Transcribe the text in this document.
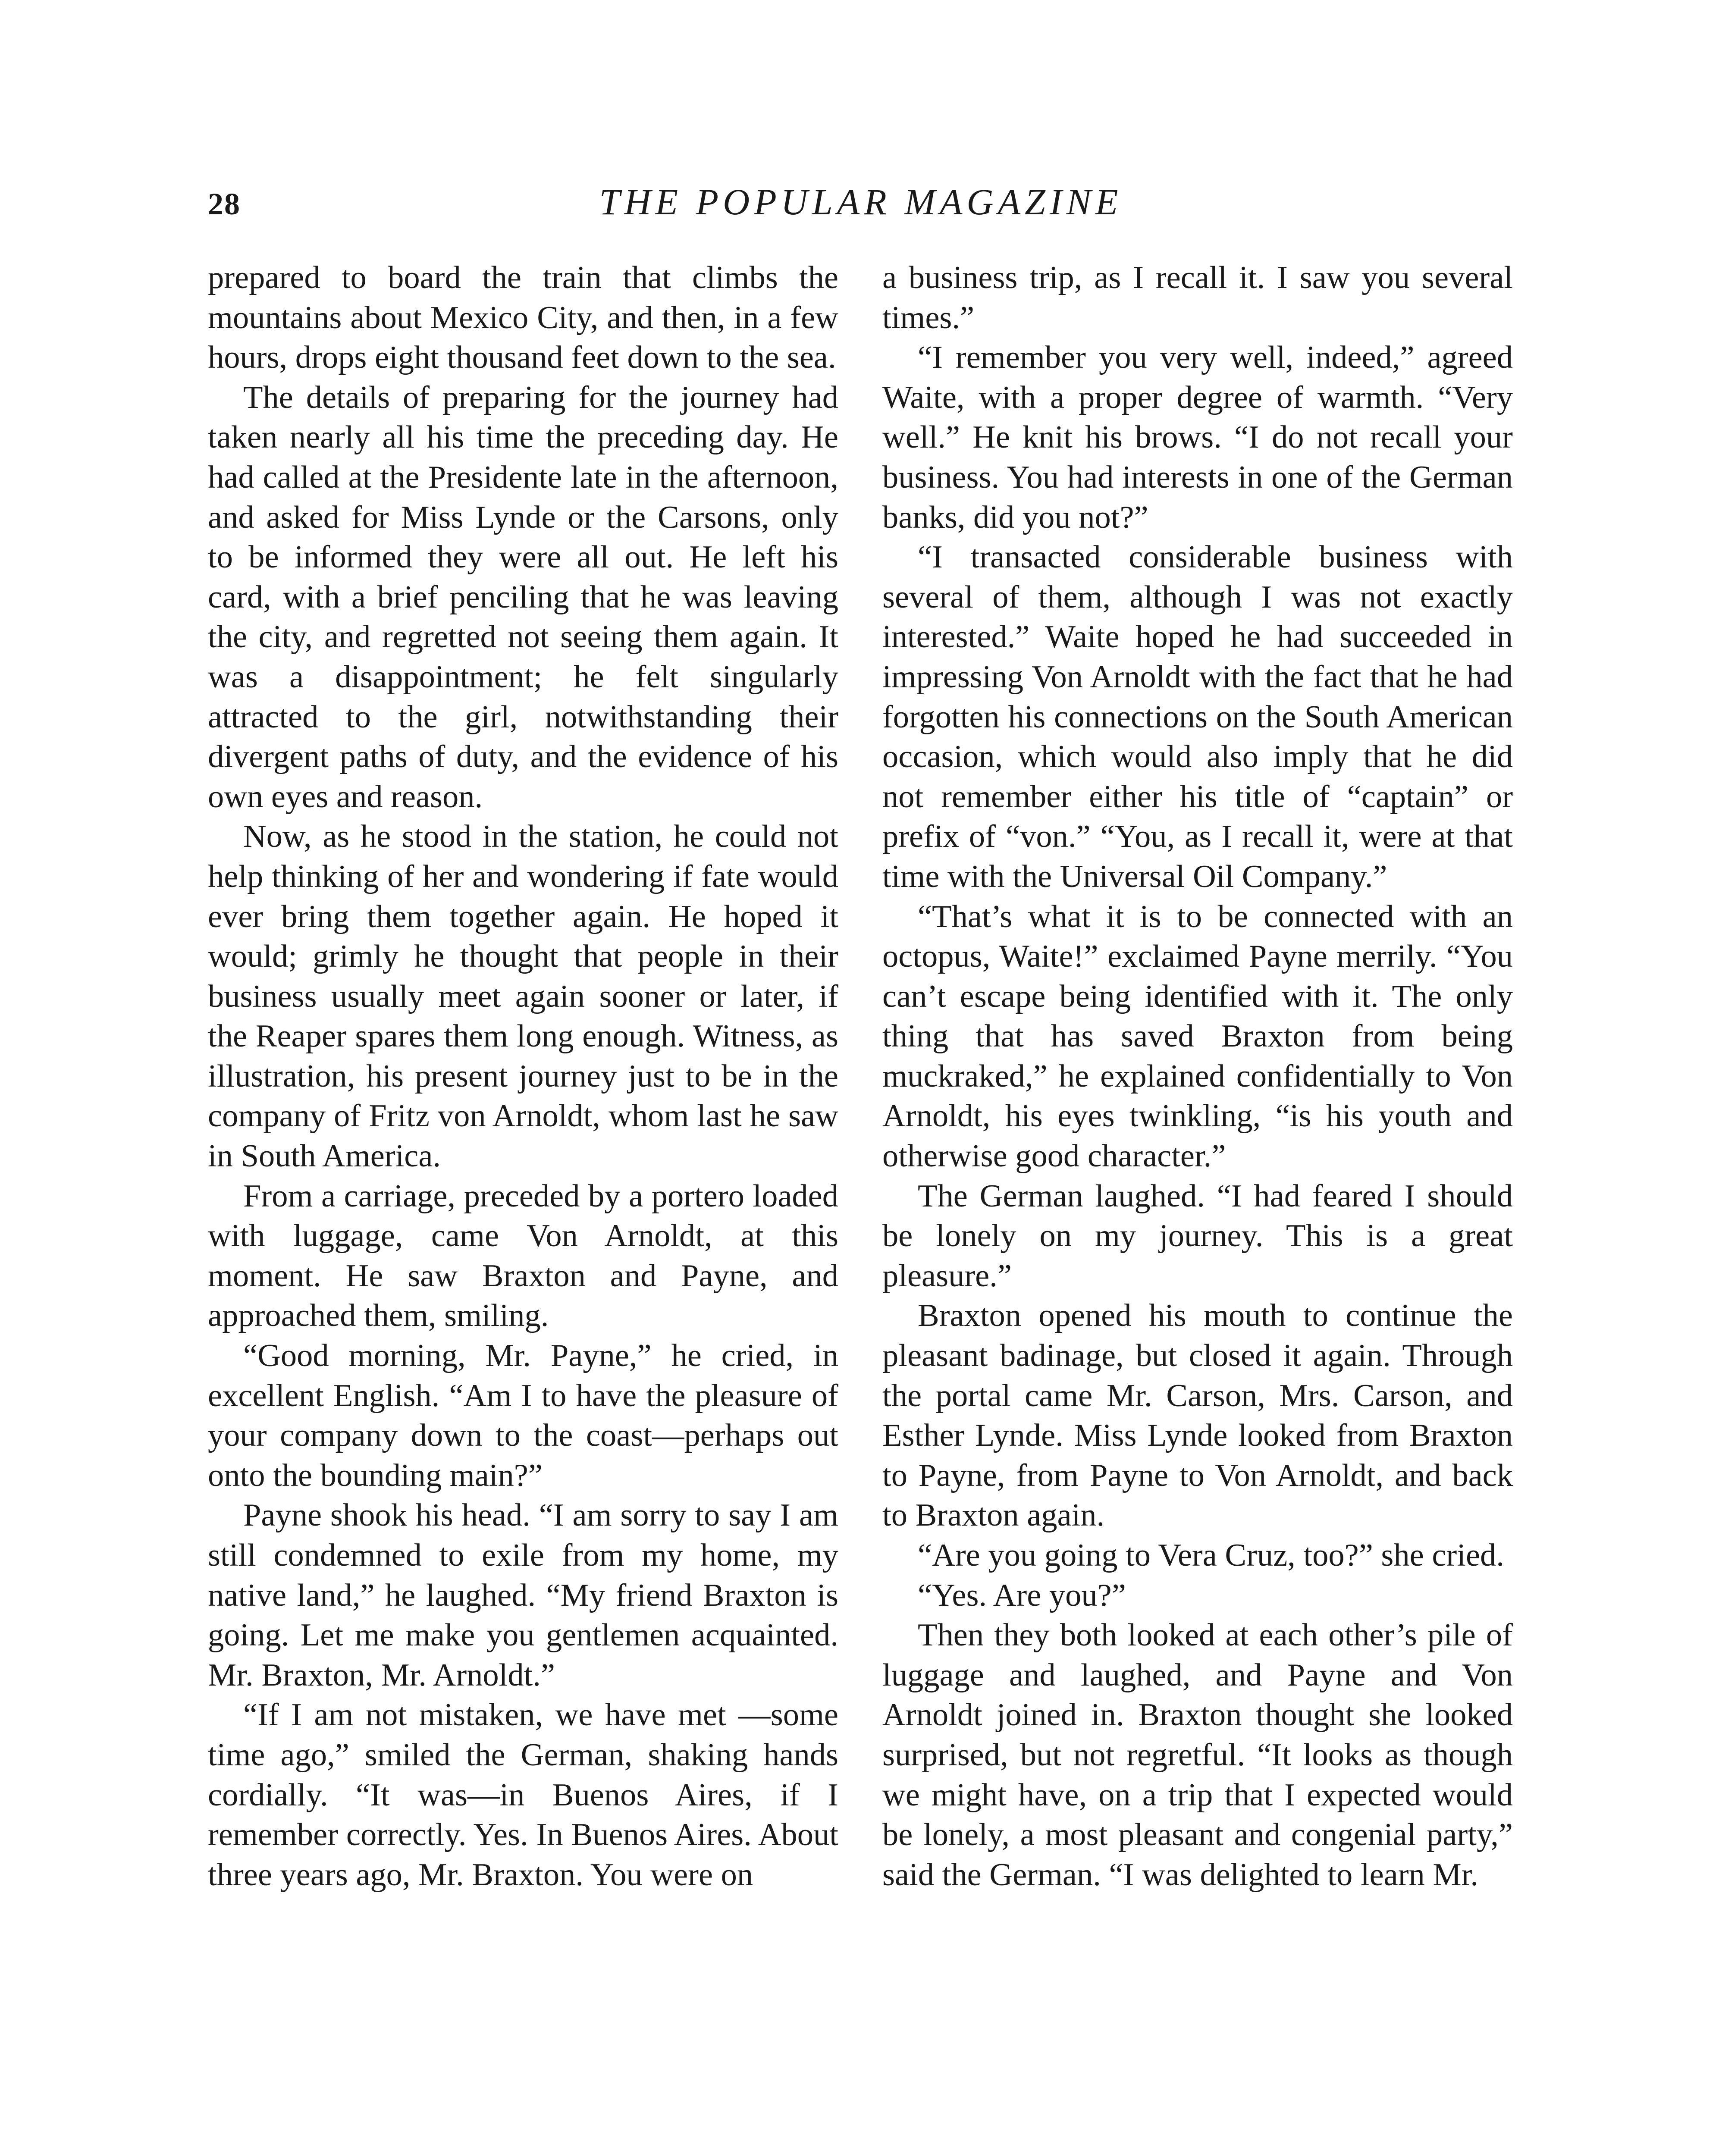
28	THE POPULAR MAGAZINE

prepared to board the train that climbs the mountains about Mexico City, and then, in a few hours, drops eight thousand feet down to the sea.

The details of preparing for the journey had taken nearly all his time the preceding day. He had called at the Presidente late in the afternoon, and asked for Miss Lynde or the Carsons, only to be informed they were all out. He left his card, with a brief penciling that he was leaving the city, and regretted not seeing them again. It was a disappointment; he felt singularly attracted to the girl, notwithstanding their divergent paths of duty, and the evidence of his own eyes and reason.

Now, as he stood in the station, he could not help thinking of her and wondering if fate would ever bring them together again. He hoped it would; grimly he thought that people in their business usually meet again sooner or later, if the Reaper spares them long enough. Witness, as illustration, his present journey just to be in the company of Fritz von Arnoldt, whom last he saw in South America.

From a carriage, preceded by a portero loaded with luggage, came Von Arnoldt, at this moment. He saw Braxton and Payne, and approached them, smiling.

“Good morning, Mr. Payne,” he cried, in excellent English. “Am I to have the pleasure of your company down to the coast—perhaps out onto the bounding main?”

Payne shook his head. “I am sorry to say I am still condemned to exile from my home, my native land,” he laughed. “My friend Braxton is going. Let me make you gentlemen acquainted. Mr. Braxton, Mr. Arnoldt.”

“If I am not mistaken, we have met —some time ago,” smiled the German, shaking hands cordially. “It was—in Buenos Aires, if I remember correctly. Yes. In Buenos Aires. About three years ago, Mr. Braxton. You were on

a business trip, as I recall it. I saw you several times.”

“I remember you very well, indeed,” agreed Waite, with a proper degree of warmth. “Very well.” He knit his brows. “I do not recall your business. You had interests in one of the German banks, did you not?”

“I transacted considerable business with several of them, although I was not exactly interested.” Waite hoped he had succeeded in impressing Von Arnoldt with the fact that he had forgotten his connections on the South American occasion, which would also imply that he did not remember either his title of “captain” or prefix of “von.” “You, as I recall it, were at that time with the Universal Oil Company.”

“That’s what it is to be connected with an octopus, Waite!” exclaimed Payne merrily. “You can’t escape being identified with it. The only thing that has saved Braxton from being muckraked,” he explained confidentially to Von Arnoldt, his eyes twinkling, “is his youth and otherwise good character.”

The German laughed. “I had feared I should be lonely on my journey. This is a great pleasure.”

Braxton opened his mouth to continue the pleasant badinage, but closed it again. Through the portal came Mr. Carson, Mrs. Carson, and Esther Lynde. Miss Lynde looked from Braxton to Payne, from Payne to Von Arnoldt, and back to Braxton again.

“Are you going to Vera Cruz, too?” she cried.

“Yes. Are you?”

Then they both looked at each other’s pile of luggage and laughed, and Payne and Von Arnoldt joined in. Braxton thought she looked surprised, but not regretful. “It looks as though we might have, on a trip that I expected would be lonely, a most pleasant and congenial party,” said the German. “I was delighted to learn Mr.
